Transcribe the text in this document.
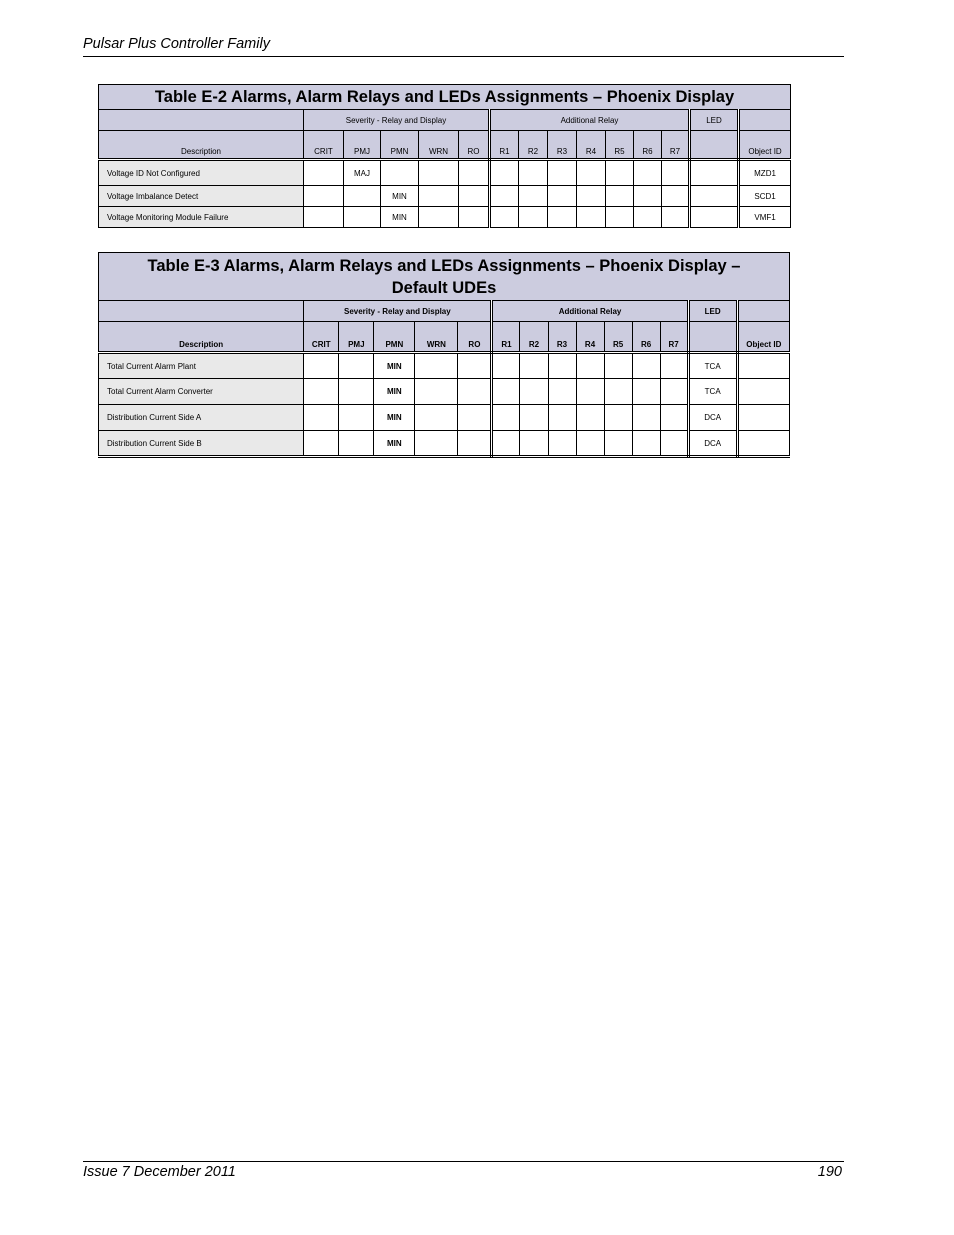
Pulsar Plus Controller Family
Table E-2 Alarms, Alarm Relays and LEDs Assignments – Phoenix Display														
	Severity - Relay and Display					Additional Relay							LED	
Description	CRIT	PMJ	PMN	WRN	RO	R1	R2	R3	R4	R5	R6	R7		Object ID
Voltage ID Not Configured		MAJ												MZD1
Voltage Imbalance Detect			MIN											SCD1
Voltage Monitoring Module Failure			MIN											VMF1
Table E-3 Alarms, Alarm Relays and LEDs Assignments – Phoenix Display – Default UDEs														
	Severity - Relay and Display					Additional Relay							LED	
Description	CRIT	PMJ	PMN	WRN	RO	R1	R2	R3	R4	R5	R6	R7		Object ID
Total Current Alarm Plant			MIN										TCA	
Total Current Alarm Converter			MIN										TCA	
Distribution Current Side A			MIN										DCA	
Distribution Current Side B			MIN										DCA	
Issue 7 December 2011	190
